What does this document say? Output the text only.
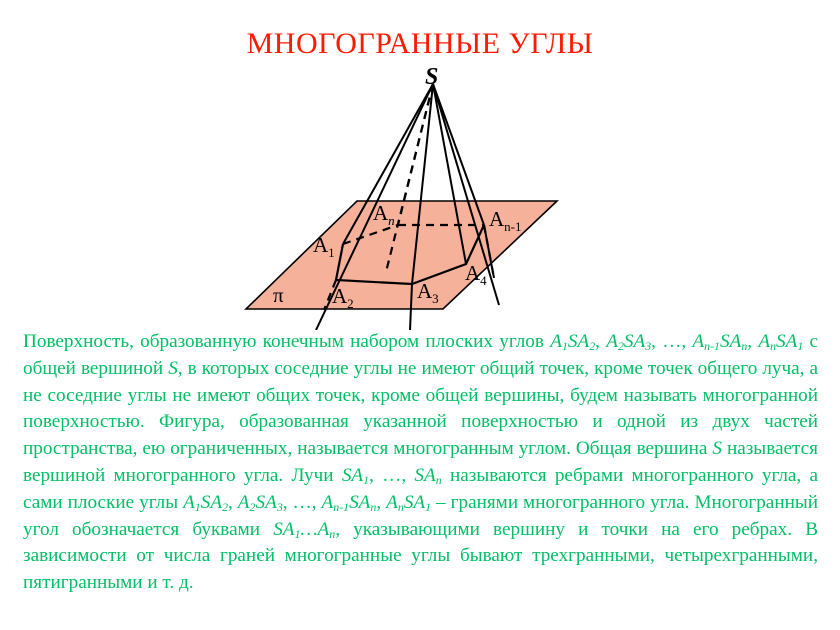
МНОГОГРАННЫЕ УГЛЫ
S
π
$A_1$
$A_2$
$A_3$
$A_4$
$A_n$	$A_{n-1}$

Поверхность, образованную конечным набором плоских углов $A_1SA_2$, $A_2SA_3$, …, $A_{n-1}SA_n$, $A_nSA_1$ с общей вершиной S, в которых соседние углы не имеют общий точек, кроме точек общего луча, а не соседние углы не имеют общих точек, кроме общей вершины, будем называть многогранной поверхностью. Фигура, образованная указанной поверхностью и одной из двух частей пространства, ею ограниченных, называется многогранным углом. Общая вершина S называется вершиной многогранного угла. Лучи $SA_1$, …, $SA_n$ называются ребрами многогранного угла, а сами плоские углы $A_1SA_2$, $A_2SA_3$, …, $A_{n-1}SA_n$, $A_nSA_1$ – гранями многогранного угла. Многогранный угол обозначается буквами $SA_1\dots A_n$, указывающими вершину и точки на его ребрах. В зависимости от числа граней многогранные углы бывают трехгранными, четырехгранными, пятигранными и т. д.
